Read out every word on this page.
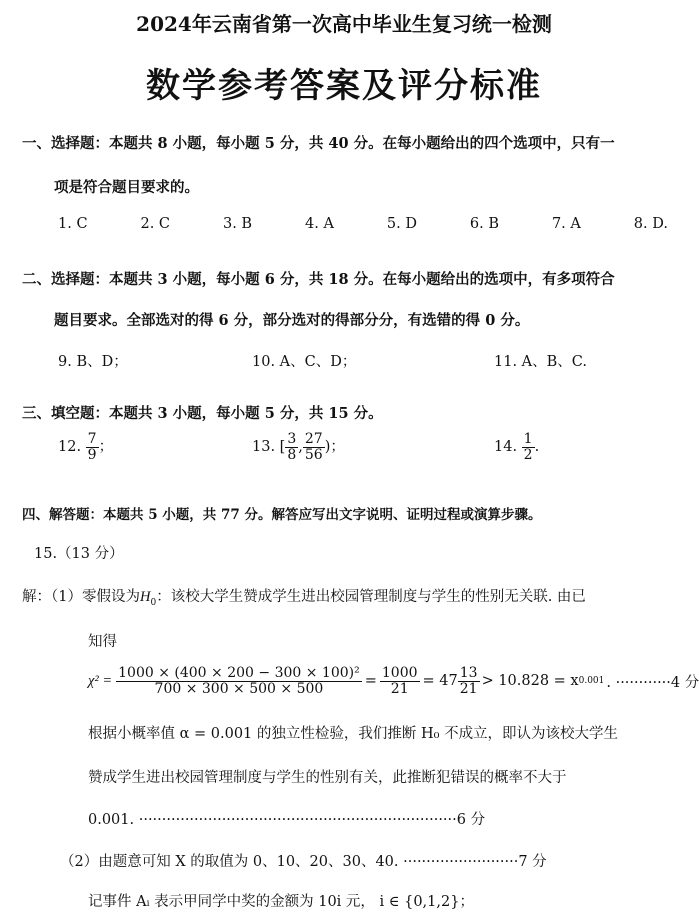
2024年云南省第一次高中毕业生复习统一检测
数学参考答案及评分标准
一、选择题：本题共 8 小题，每小题 5 分，共 40 分。在每小题给出的四个选项中，只有一
项是符合题目要求的。
1. C	2. C	3. B	4. A	5. D	6. B	7. A	8. D.
二、选择题：本题共 3 小题，每小题 6 分，共 18 分。在每小题给出的选项中，有多项符合
题目要求。全部选对的得 6 分，部分选对的得部分分，有选错的得 0 分。
9. B、D；	10. A、C、D；	11. A、B、C.
三、填空题：本题共 3 小题，每小题 5 分，共 15 分。
12. $\frac{7}{9}$ ；	13. [ $\frac{3}{8}$ , $\frac{27}{56}$ )；	14. $\frac{1}{2}$ .
四、解答题：本题共 5 小题，共 77 分。解答应写出文字说明、证明过程或演算步骤。
15.（13 分）
解：（1）零假设为$H_0$：该校大学生赞成学生进出校园管理制度与学生的性别无关联. 由已
知得
$\chi^2 = \frac{\text{1000 × (400 × 200 − 300 × 100)²}}{700 \times 300 \times 500 \times 500} = \frac{1000}{21} = 47 \frac{13}{21} > 10.828 = x$ 0.001 . ············4 分
根据小概率值 α = 0.001 的独立性检验，我们推断 H₀ 不成立，即认为该校大学生
赞成学生进出校园管理制度与学生的性别有关，此推断犯错误的概率不大于
0.001. ·····································································6 分
（2）由题意可知 X 的取值为 0、10、20、30、40. ·························7 分
记事件 Aᵢ 表示甲同学中奖的金额为 10i 元， i ∈ {0,1,2}；
